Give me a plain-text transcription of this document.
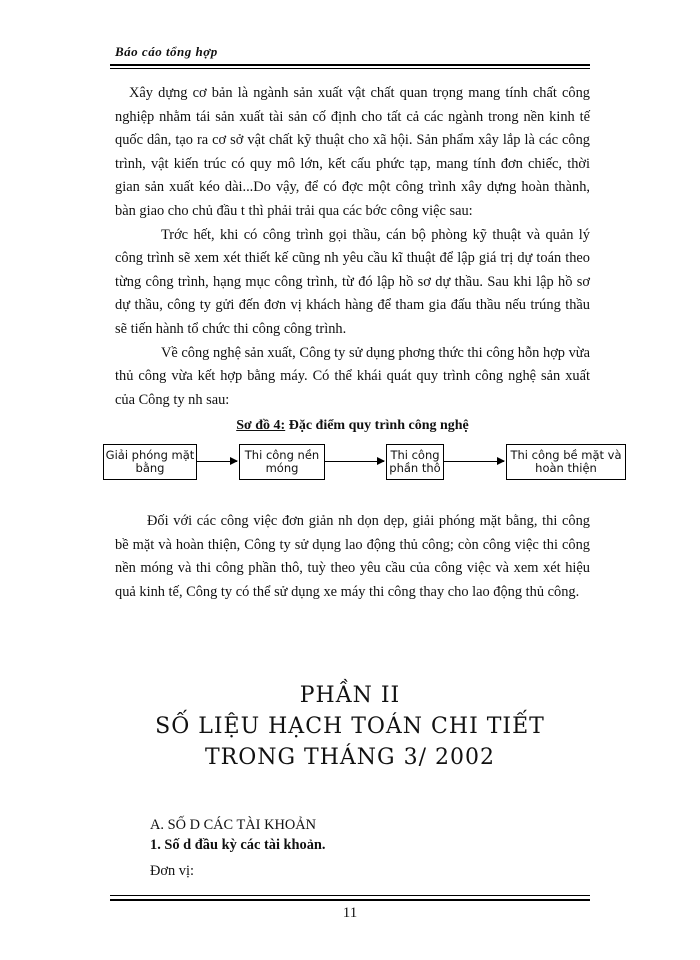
Báo cáo tổng hợp

Xây dựng cơ bản là ngành sản xuất vật chất quan trọng mang tính chất công nghiệp nhằm tái sản xuất tài sản cố định cho tất cả các ngành trong nền kinh tế quốc dân, tạo ra cơ sở vật chất kỹ thuật cho xã hội. Sản phẩm xây lắp là các công trình, vật kiến trúc có quy mô lớn, kết cấu phức tạp, mang tính đơn chiếc, thời gian sản xuất kéo dài...Do vậy, để có đợc một công trình xây dựng hoàn thành, bàn giao cho chủ đầu t thì phải trải qua các bớc công việc sau:

Trớc hết, khi có công trình gọi thầu, cán bộ phòng kỹ thuật và quản lý công trình sẽ xem xét thiết kế cũng nh yêu cầu kĩ thuật để lập giá trị dự toán theo từng công trình, hạng mục công trình, từ đó lập hồ sơ dự thầu. Sau khi lập hồ sơ dự thầu, công ty gửi đến đơn vị khách hàng để tham gia đấu thầu nếu trúng thầu sẽ tiến hành tổ chức thi công công trình.

Về công nghệ sản xuất, Công ty sử dụng phơng thức thi công hỗn hợp vừa thủ công vừa kết hợp bằng máy. Có thể khái quát quy trình công nghệ sản xuất của Công ty nh sau:

Sơ đồ 4: Đặc điểm quy trình công nghệ
Giải phóng mặt bằng
Thi công nền móng
Thi công phần thô
Thi công bề mặt và hoàn thiện

Đối với các công việc đơn giản nh dọn dẹp, giải phóng mặt bằng, thi công bề mặt và hoàn thiện, Công ty sử dụng lao động thủ công; còn công việc thi công nền móng và thi công phần thô, tuỳ theo yêu cầu của công việc và xem xét hiệu quả kinh tế, Công ty có thể sử dụng xe máy thi công thay cho lao động thủ công.

PHẦN II
SỐ LIỆU HẠCH TOÁN CHI TIẾT
TRONG THÁNG 3/ 2002
A. SỐ D CÁC TÀI KHOẢN
1. Số d đầu kỳ các tài khoản.
Đơn vị:
11
